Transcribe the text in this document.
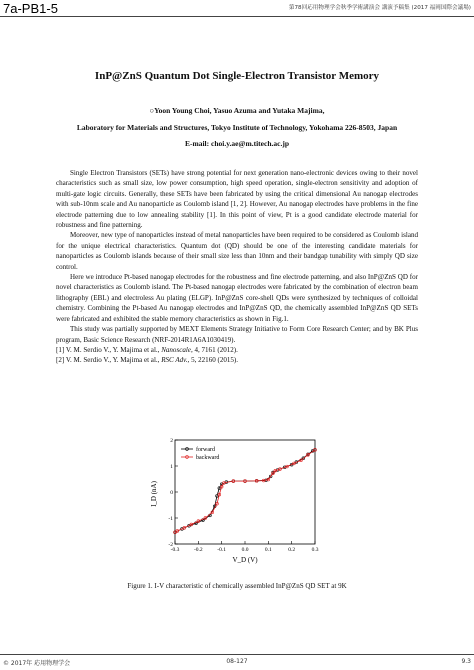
7a-PB1-5	第78回応用物理学会秋季学術講演会 講演予稿集 (2017 福岡国際会議場)
InP@ZnS Quantum Dot Single-Electron Transistor Memory
○Yoon Young Choi, Yasuo Azuma and Yutaka Majima,
Laboratory for Materials and Structures, Tokyo Institute of Technology, Yokohama 226-8503, Japan
E-mail: choi.y.ae@m.titech.ac.jp

Single Electron Transistors (SETs) have strong potential for next generation nano-electronic devices owing to their novel characteristics such as small size, low power consumption, high speed operation, single-electron sensitivity and adoption of multi-gate logic circuits. Generally, these SETs have been fabricated by using the critical dimensional Au nanogap electrodes with sub-10nm scale and Au nanoparticle as Coulomb island [1, 2]. However, Au nanogap electrodes have problems in the fine electrode patterning due to low annealing stability [1]. In this point of view, Pt is a good candidate electrode material for robustness and fine patterning.

Moreover, new type of nanoparticles instead of metal nanoparticles have been required to be considered as Coulomb island for the unique electrical characteristics. Quantum dot (QD) should be one of the interesting candidate materials for nanoparticles as Coulomb islands because of their small size less than 10nm and their bandgap tunability with simply QD size control.

Here we introduce Pt-based nanogap electrodes for the robustness and fine electrode patterning, and also InP@ZnS QD for novel characteristics as Coulomb island. The Pt-based nanogap electrodes were fabricated by the combination of electron beam lithography (EBL) and electroless Au plating (ELGP). InP@ZnS core-shell QDs were synthesized by techniques of colloidal chemistry. Combining the Pt-based Au nanogap electrodes and InP@ZnS QD, the chemically assembled InP@ZnS QD SETs were fabricated and exhibited the stable memory characteristics as shown in Fig.1.

This study was partially supported by MEXT Elements Strategy Initiative to Form Core Research Center; and by BK Plus program, Basic Science Research (NRF-2014R1A6A1030419).

[1] V. M. Serdio V., Y. Majima et al., Nanoscale, 4, 7161 (2012).

[2] V. M. Serdio V., Y. Majima et al., RSC Adv., 5, 22160 (2015).

-0.3	-0.2	-0.1	0.0	0.1	0.2	0.3
-2
-1
0
1
2
forward
backward
V_D (V)
I_D (nA)
Figure 1. I-V characteristic of chemically assembled InP@ZnS QD SET at 9K
© 2017年 応用物理学会	08-127	9.3
